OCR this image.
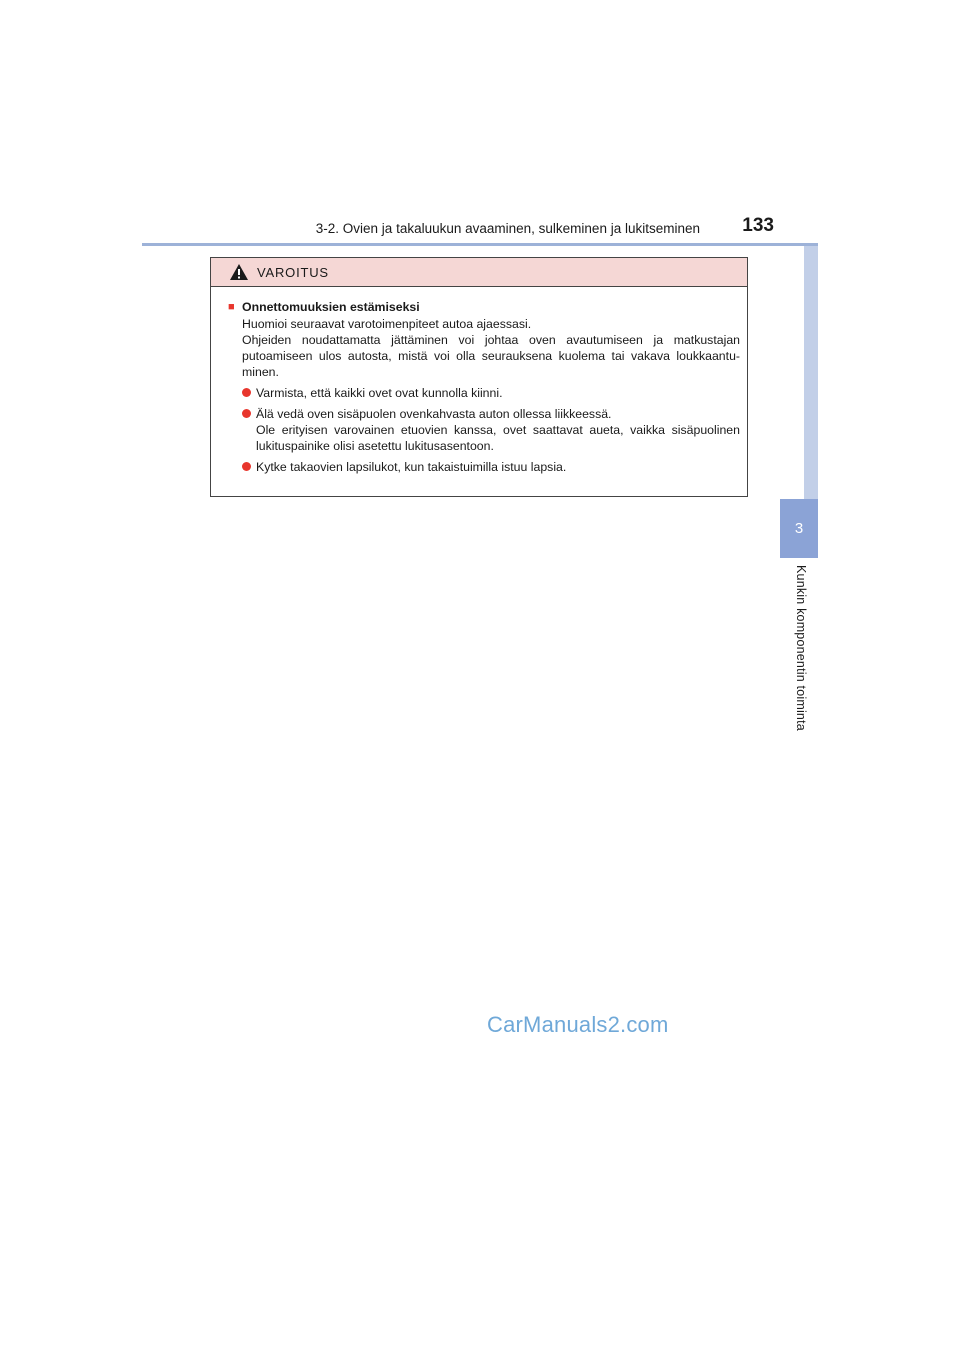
3-2. Ovien ja takaluukun avaaminen, sulkeminen ja lukitseminen	133
3
Kunkin komponentin toiminta
VAROITUS
■ Onnettomuuksien estämiseksi

Huomioi seuraavat varotoimenpiteet autoa ajaessasi.

Ohjeiden noudattamatta jättäminen voi johtaa oven avautumiseen ja matkustajan putoamiseen ulos autosta, mistä voi olla seurauksena kuolema tai vakava loukkaantu-minen.

Varmista, että kaikki ovet ovat kunnolla kiinni.
Älä vedä oven sisäpuolen ovenkahvasta auton ollessa liikkeessä.
Ole erityisen varovainen etuovien kanssa, ovet saattavat aueta, vaikka sisäpuolinen lukituspainike olisi asetettu lukitusasentoon.
Kytke takaovien lapsilukot, kun takaistuimilla istuu lapsia.
CarManuals2.com
